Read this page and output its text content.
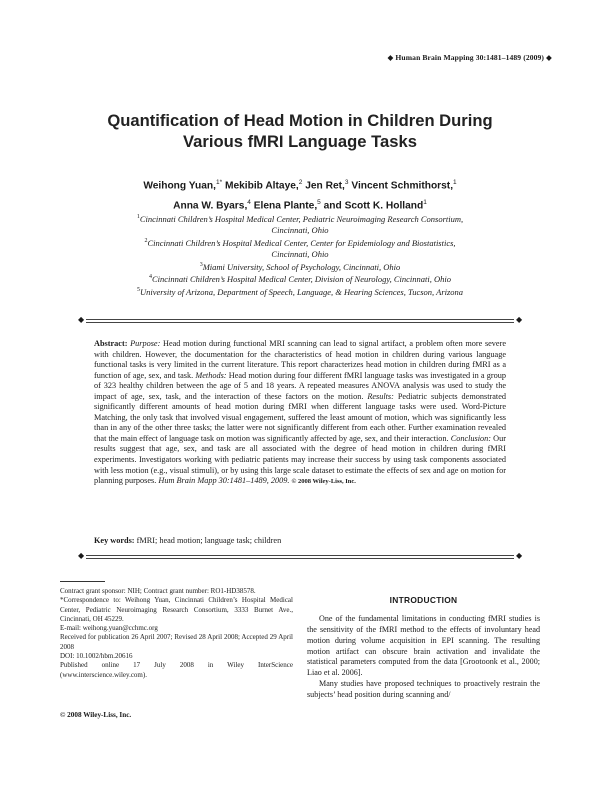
◆ Human Brain Mapping 30:1481–1489 (2009) ◆
Quantification of Head Motion in Children During
Various fMRI Language Tasks
Weihong Yuan,$^{1*}$ Mekibib Altaye,$^2$ Jen Ret,$^3$ Vincent Schmithorst,$^1$
Anna W. Byars,$^4$ Elena Plante,$^5$ and Scott K. Holland$^1$
$^1$Cincinnati Children’s Hospital Medical Center, Pediatric Neuroimaging Research Consortium,
Cincinnati, Ohio
$^2$Cincinnati Children’s Hospital Medical Center, Center for Epidemiology and Biostatistics,
Cincinnati, Ohio
$^3$Miami University, School of Psychology, Cincinnati, Ohio
$^4$Cincinnati Children’s Hospital Medical Center, Division of Neurology, Cincinnati, Ohio
$^5$University of Arizona, Department of Speech, Language, & Hearing Sciences, Tucson, Arizona
◆	◆
Abstract: Purpose: Head motion during functional MRI scanning can lead to signal artifact, a problem often more severe with children. However, the documentation for the characteristics of head motion in children during various language functional tasks is very limited in the current literature. This report characterizes head motion in children during fMRI as a function of age, sex, and task. Methods: Head motion during four different fMRI language tasks was investigated in a group of 323 healthy children between the age of 5 and 18 years. A repeated measures ANOVA analysis was used to study the impact of age, sex, task, and the interaction of these factors on the motion. Results: Pediatric subjects demonstrated significantly different amounts of head motion during fMRI when different language tasks were used. Word-Picture Matching, the only task that involved visual engagement, suffered the least amount of motion, which was significantly less than in any of the other three tasks; the latter were not significantly different from each other. Further examination revealed that the main effect of language task on motion was significantly affected by age, sex, and their interaction. Conclusion: Our results suggest that age, sex, and task are all associated with the degree of head motion in children during fMRI experiments. Investigators working with pediatric patients may increase their success by using task components associated with less motion (e.g., visual stimuli), or by using this large scale dataset to estimate the effects of sex and age on motion for planning purposes. Hum Brain Mapp 30:1481–1489, 2009. © 2008 Wiley-Liss, Inc.
Key words: fMRI; head motion; language task; children
◆	◆
Contract grant sponsor: NIH; Contract grant number: RO1-HD38578.
*Correspondence to: Weihong Yuan, Cincinnati Children’s Hospital Medical Center, Pediatric Neuroimaging Research Consortium, 3333 Burnet Ave., Cincinnati, OH 45229.
E-mail: weihong.yuan@cchmc.org
Received for publication 26 April 2007; Revised 28 April 2008; Accepted 29 April 2008
DOI: 10.1002/hbm.20616
Published online 17 July 2008 in Wiley InterScience (www.interscience.wiley.com).
© 2008 Wiley-Liss, Inc.
INTRODUCTION

One of the fundamental limitations in conducting fMRI studies is the sensitivity of the fMRI method to the effects of involuntary head motion during volume acquisition in EPI scanning. The resulting motion artifact can obscure brain activation and invalidate the statistical parameters computed from the data [Grootoonk et al., 2000; Liao et al. 2006].

Many studies have proposed techniques to proactively restrain the subjects’ head position during scanning and/
